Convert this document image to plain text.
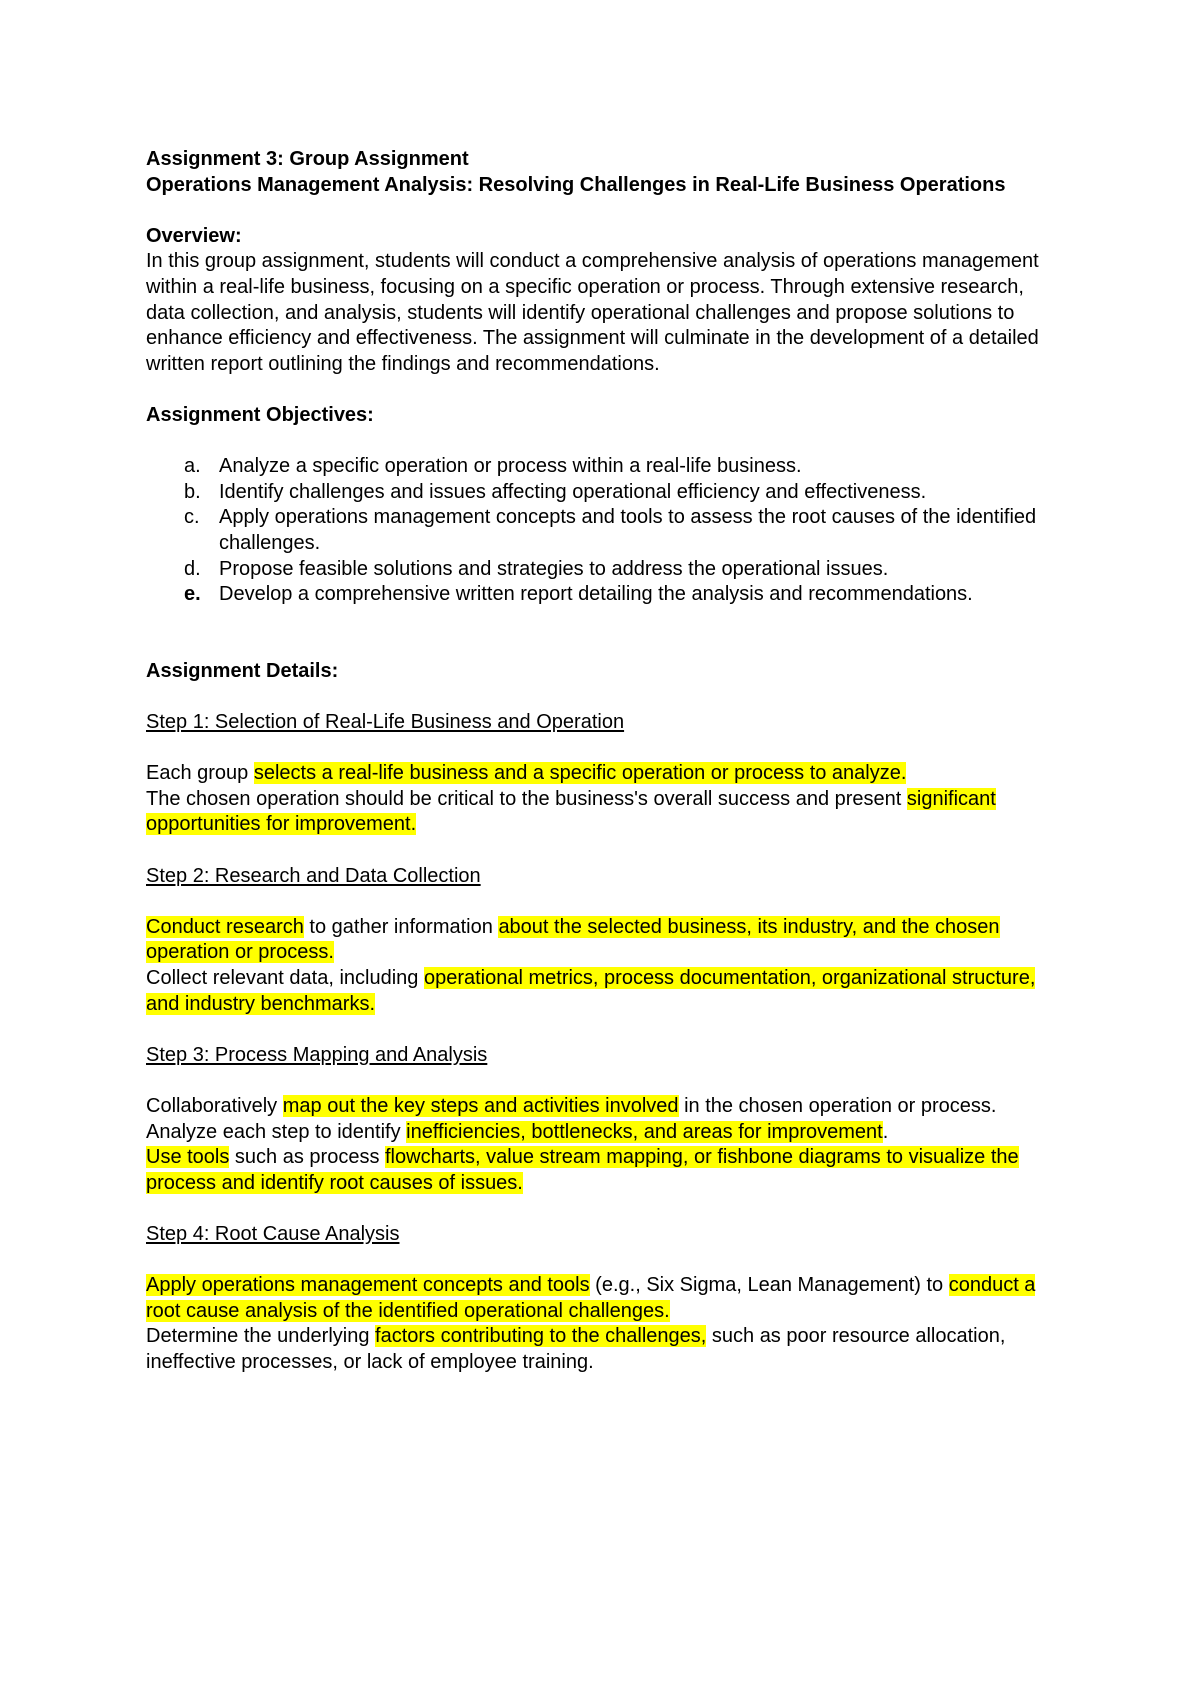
Assignment 3: Group Assignment

Operations Management Analysis: Resolving Challenges in Real-Life Business Operations

Overview:

In this group assignment, students will conduct a comprehensive analysis of operations management within a real-life business, focusing on a specific operation or process. Through extensive research, data collection, and analysis, students will identify operational challenges and propose solutions to enhance efficiency and effectiveness. The assignment will culminate in the development of a detailed written report outlining the findings and recommendations.

Assignment Objectives:

a. Analyze a specific operation or process within a real-life business.
b. Identify challenges and issues affecting operational efficiency and effectiveness.
c. Apply operations management concepts and tools to assess the root causes of the identified challenges.
d. Propose feasible solutions and strategies to address the operational issues.
e. Develop a comprehensive written report detailing the analysis and recommendations.

Assignment Details:

Step 1: Selection of Real-Life Business and Operation

Each group selects a real-life business and a specific operation or process to analyze.
The chosen operation should be critical to the business's overall success and present significant opportunities for improvement.

Step 2: Research and Data Collection

Conduct research to gather information about the selected business, its industry, and the chosen operation or process.
Collect relevant data, including operational metrics, process documentation, organizational structure, and industry benchmarks.

Step 3: Process Mapping and Analysis

Collaboratively map out the key steps and activities involved in the chosen operation or process.
Analyze each step to identify inefficiencies, bottlenecks, and areas for improvement.
Use tools such as process flowcharts, value stream mapping, or fishbone diagrams to visualize the process and identify root causes of issues.

Step 4: Root Cause Analysis

Apply operations management concepts and tools (e.g., Six Sigma, Lean Management) to conduct a root cause analysis of the identified operational challenges.
Determine the underlying factors contributing to the challenges, such as poor resource allocation, ineffective processes, or lack of employee training.
